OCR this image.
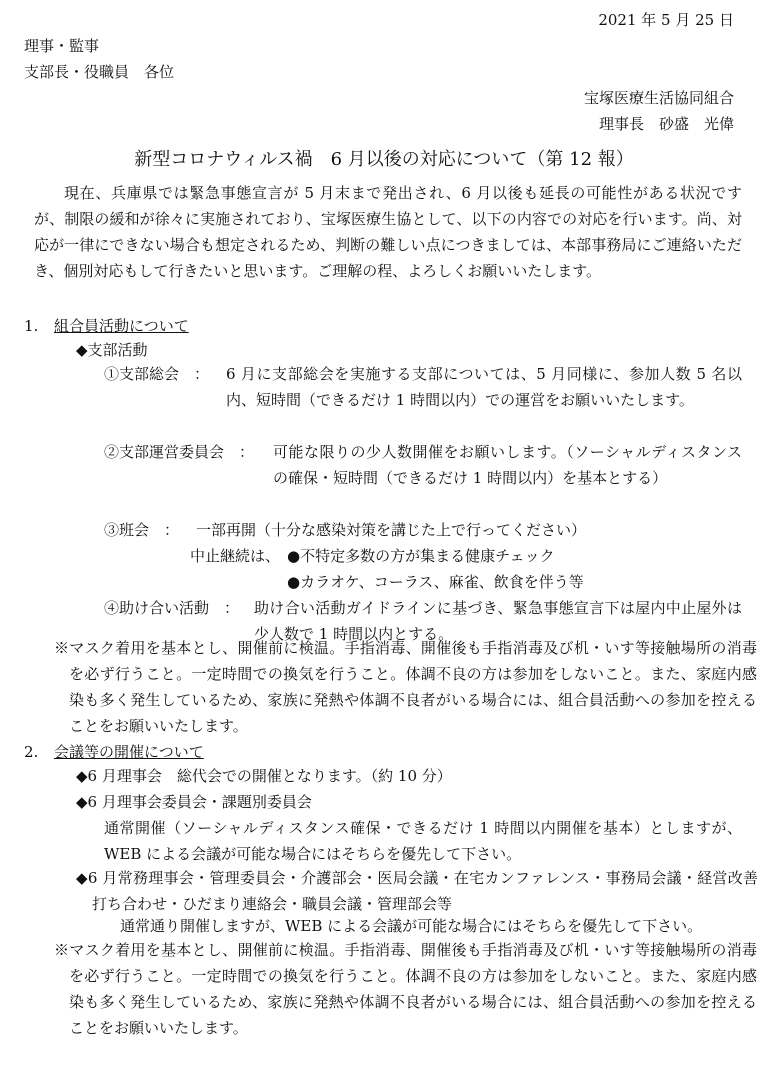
2021 年 5 月 25 日

理事・監事

支部長・役職員　各位

宝塚医療生活協同組合

理事長　砂盛　光偉

新型コロナウィルス禍　6 月以後の対応について（第 12 報）

現在、兵庫県では緊急事態宣言が 5 月末まで発出され、6 月以後も延長の可能性がある状況ですが、制限の緩和が徐々に実施されており、宝塚医療生協として、以下の内容での対応を行います。尚、対応が一律にできない場合も想定されるため、判断の難しい点につきましては、本部事務局にご連絡いただき、個別対応もして行きたいと思います。ご理解の程、よろしくお願いいたします。

1. 組合員活動について

◆支部活動

①支部総会　： 6 月に支部総会を実施する支部については、5 月同様に、参加人数 5 名以内、短時間（できるだけ 1 時間以内）での運営をお願いいたします。
②支部運営委員会　： 可能な限りの少人数開催をお願いします。（ソーシャルディスタンスの確保・短時間（できるだけ 1 時間以内）を基本とする）
③班会　： 一部再開（十分な感染対策を講じた上で行ってください）
中止継続は、 ●不特定多数の方が集まる健康チェック
●カラオケ、コーラス、麻雀、飲食を伴う等
④助け合い活動　： 助け合い活動ガイドラインに基づき、緊急事態宣言下は屋内中止屋外は少人数で 1 時間以内とする。
※マスク着用を基本とし、開催前に検温。手指消毒、開催後も手指消毒及び机・いす等接触場所の消毒を必ず行うこと。一定時間での換気を行うこと。体調不良の方は参加をしないこと。また、家庭内感染も多く発生しているため、家族に発熱や体調不良者がいる場合には、組合員活動への参加を控えることをお願いいたします。
2. 会議等の開催について

◆6 月理事会　総代会での開催となります。（約 10 分）

◆6 月理事会委員会・課題別委員会

通常開催（ソーシャルディスタンス確保・できるだけ 1 時間以内開催を基本）としますが、WEB による会議が可能な場合にはそちらを優先して下さい。
◆6 月常務理事会・管理委員会・介護部会・医局会議・在宅カンファレンス・事務局会議・経営改善打ち合わせ・ひだまり連絡会・職員会議・管理部会等

通常通り開催しますが、WEB による会議が可能な場合にはそちらを優先して下さい。

※マスク着用を基本とし、開催前に検温。手指消毒、開催後も手指消毒及び机・いす等接触場所の消毒を必ず行うこと。一定時間での換気を行うこと。体調不良の方は参加をしないこと。また、家庭内感染も多く発生しているため、家族に発熱や体調不良者がいる場合には、組合員活動への参加を控えることをお願いいたします。
